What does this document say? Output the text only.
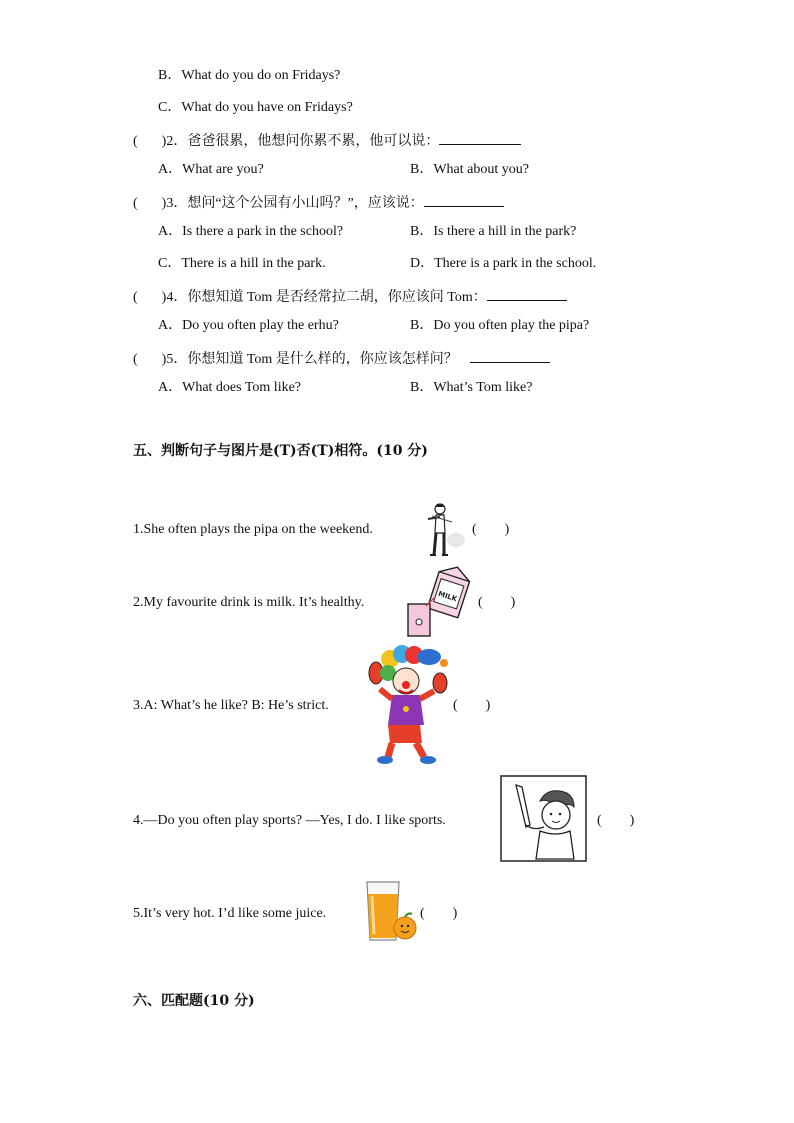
B．What do you do on Fridays?
C．What do you have on Fridays?
( )2．爸爸很累，他想问你累不累，他可以说：
A．What are you?	B．What about you?
( )3．想问“这个公园有小山吗？”，应该说：
A．Is there a park in the school?	B．Is there a hill in the park?
C．There is a hill in the park.	D．There is a park in the school.
( )4．你想知道 Tom 是否经常拉二胡，你应该问 Tom：
A．Do you often play the erhu?	B．Do you often play the pipa?
( )5．你想知道 Tom 是什么样的，你应该怎样问？
A．What does Tom like?	B．What’s Tom like?
五、判断句子与图片是(T)否(T)相符。(10 分)
1.She often plays the pipa on the weekend.	(　　)
2.My favourite drink is milk. It’s healthy.	MILK (　　)
3.A: What’s he like? B: He’s strict.	(　　)
4.—Do you often play sports? —Yes, I do. I like sports.	(　　)
5.It’s very hot. I’d like some juice.	(　　)
六、匹配题(10 分)
